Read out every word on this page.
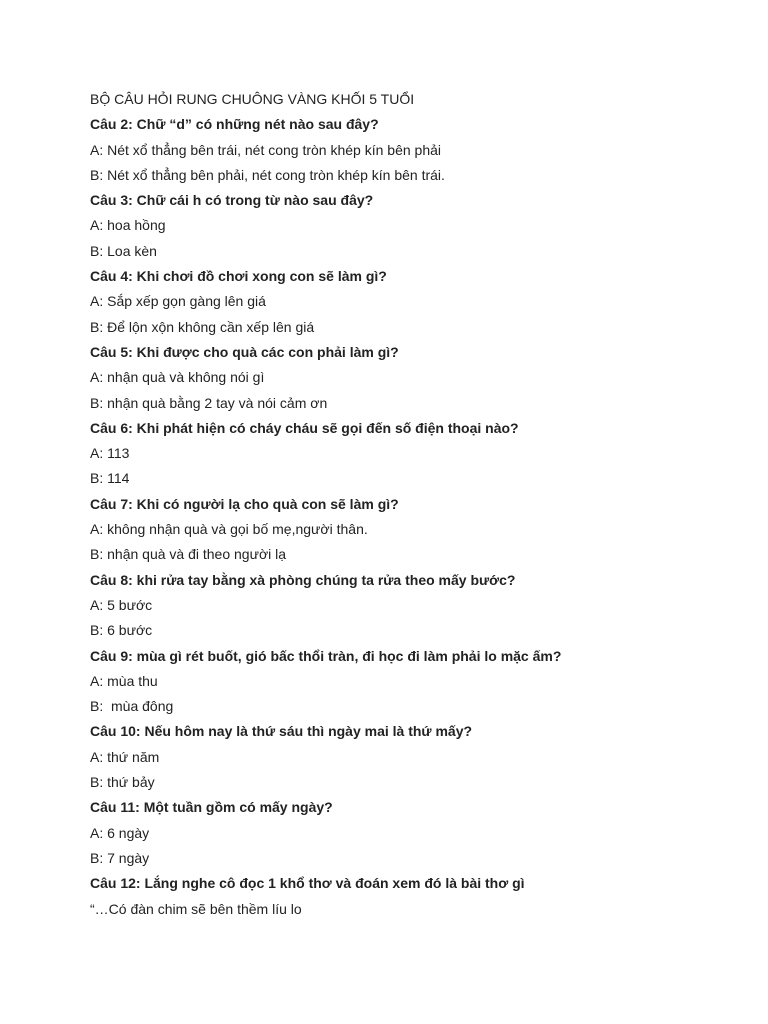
BỘ CÂU HỎI RUNG CHUÔNG VÀNG KHỐI 5 TUỔI
Câu 2: Chữ “d” có những nét nào sau đây?
A: Nét xổ thẳng bên trái, nét cong tròn khép kín bên phải
B: Nét xổ thẳng bên phải, nét cong tròn khép kín bên trái.
Câu 3: Chữ cái h có trong từ nào sau đây?
A: hoa hồng
B: Loa kèn
Câu 4: Khi chơi đồ chơi xong con sẽ làm gì?
A: Sắp xếp gọn gàng lên giá
B: Để lộn xộn không cần xếp lên giá
Câu 5: Khi được cho quà các con phải làm gì?
A: nhận quà và không nói gì
B: nhận quà bằng 2 tay và nói cảm ơn
Câu 6: Khi phát hiện có cháy cháu sẽ gọi đến số điện thoại nào?
A: 113
B: 114
Câu 7: Khi có người lạ cho quà con sẽ làm gì?
A: không nhận quà và gọi bố mẹ,người thân.
B: nhận quà và đi theo người lạ
Câu 8: khi rửa tay bằng xà phòng chúng ta rửa theo mấy bước?
A: 5 bước
B: 6 bước
Câu 9: mùa gì rét buốt, gió bấc thổi tràn, đi học đi làm phải lo mặc ấm?
A: mùa thu
B:  mùa đông
Câu 10: Nếu hôm nay là thứ sáu thì ngày mai là thứ mấy?
A: thứ năm
B: thứ bảy
Câu 11: Một tuần gồm có mấy ngày?
A: 6 ngày
B: 7 ngày
Câu 12: Lắng nghe cô đọc 1 khổ thơ và đoán xem đó là bài thơ gì
“…Có đàn chim sẽ bên thềm líu lo
